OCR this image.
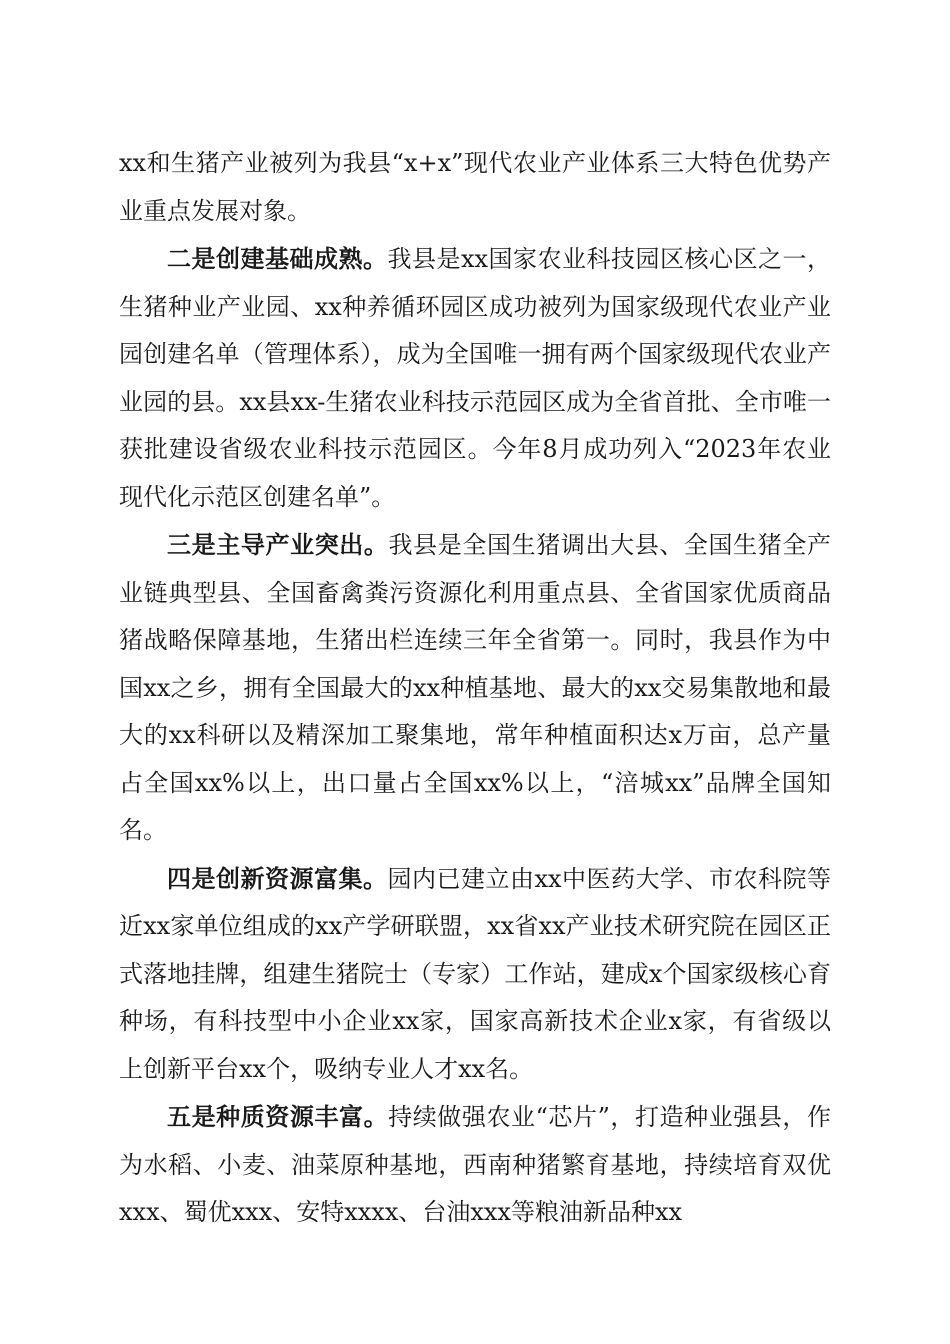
xx和生猪产业被列为我县“x+x”现代农业产业体系三大特色优势产业重点发展对象。

二是创建基础成熟。我县是xx国家农业科技园区核心区之一，生猪种业产业园、xx种养循环园区成功被列为国家级现代农业产业园创建名单（管理体系），成为全国唯一拥有两个国家级现代农业产业园的县。xx县xx-生猪农业科技示范园区成为全省首批、全市唯一获批建设省级农业科技示范园区。今年8月成功列入“2023年农业现代化示范区创建名单”。

三是主导产业突出。我县是全国生猪调出大县、全国生猪全产业链典型县、全国畜禽粪污资源化利用重点县、全省国家优质商品猪战略保障基地，生猪出栏连续三年全省第一。同时，我县作为中国xx之乡，拥有全国最大的xx种植基地、最大的xx交易集散地和最大的xx科研以及精深加工聚集地，常年种植面积达x万亩，总产量占全国xx%以上，出口量占全国xx%以上，“涪城xx”品牌全国知名。

四是创新资源富集。园内已建立由xx中医药大学、市农科院等近xx家单位组成的xx产学研联盟，xx省xx产业技术研究院在园区正式落地挂牌，组建生猪院士（专家）工作站，建成x个国家级核心育种场，有科技型中小企业xx家，国家高新技术企业x家，有省级以上创新平台xx个，吸纳专业人才xx名。

五是种质资源丰富。持续做强农业“芯片”，打造种业强县，作为水稻、小麦、油菜原种基地，西南种猪繁育基地，持续培育双优xxx、蜀优xxx、安特xxxx、台油xxx等粮油新品种xx
